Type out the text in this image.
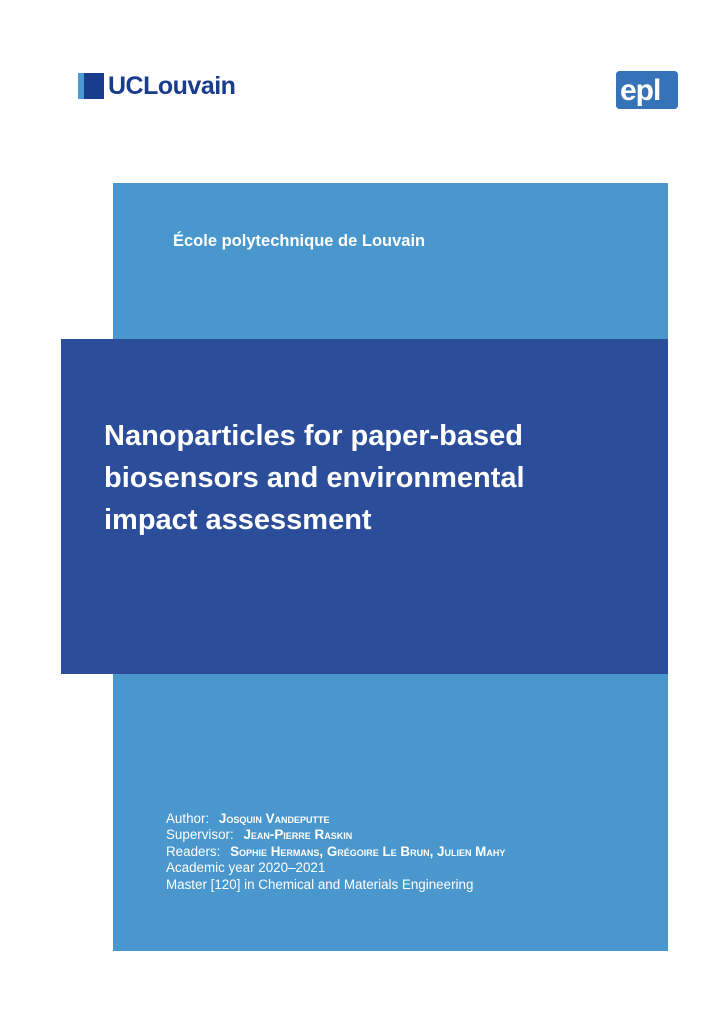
UCLouvain	epl
École polytechnique de Louvain
Nanoparticles for paper-based biosensors and environmental impact assessment
Author: Josquin Vandeputte
Supervisor: Jean-Pierre Raskin
Readers: Sophie Hermans, Grégoire Le Brun, Julien Mahy
Academic year 2020–2021
Master [120] in Chemical and Materials Engineering
